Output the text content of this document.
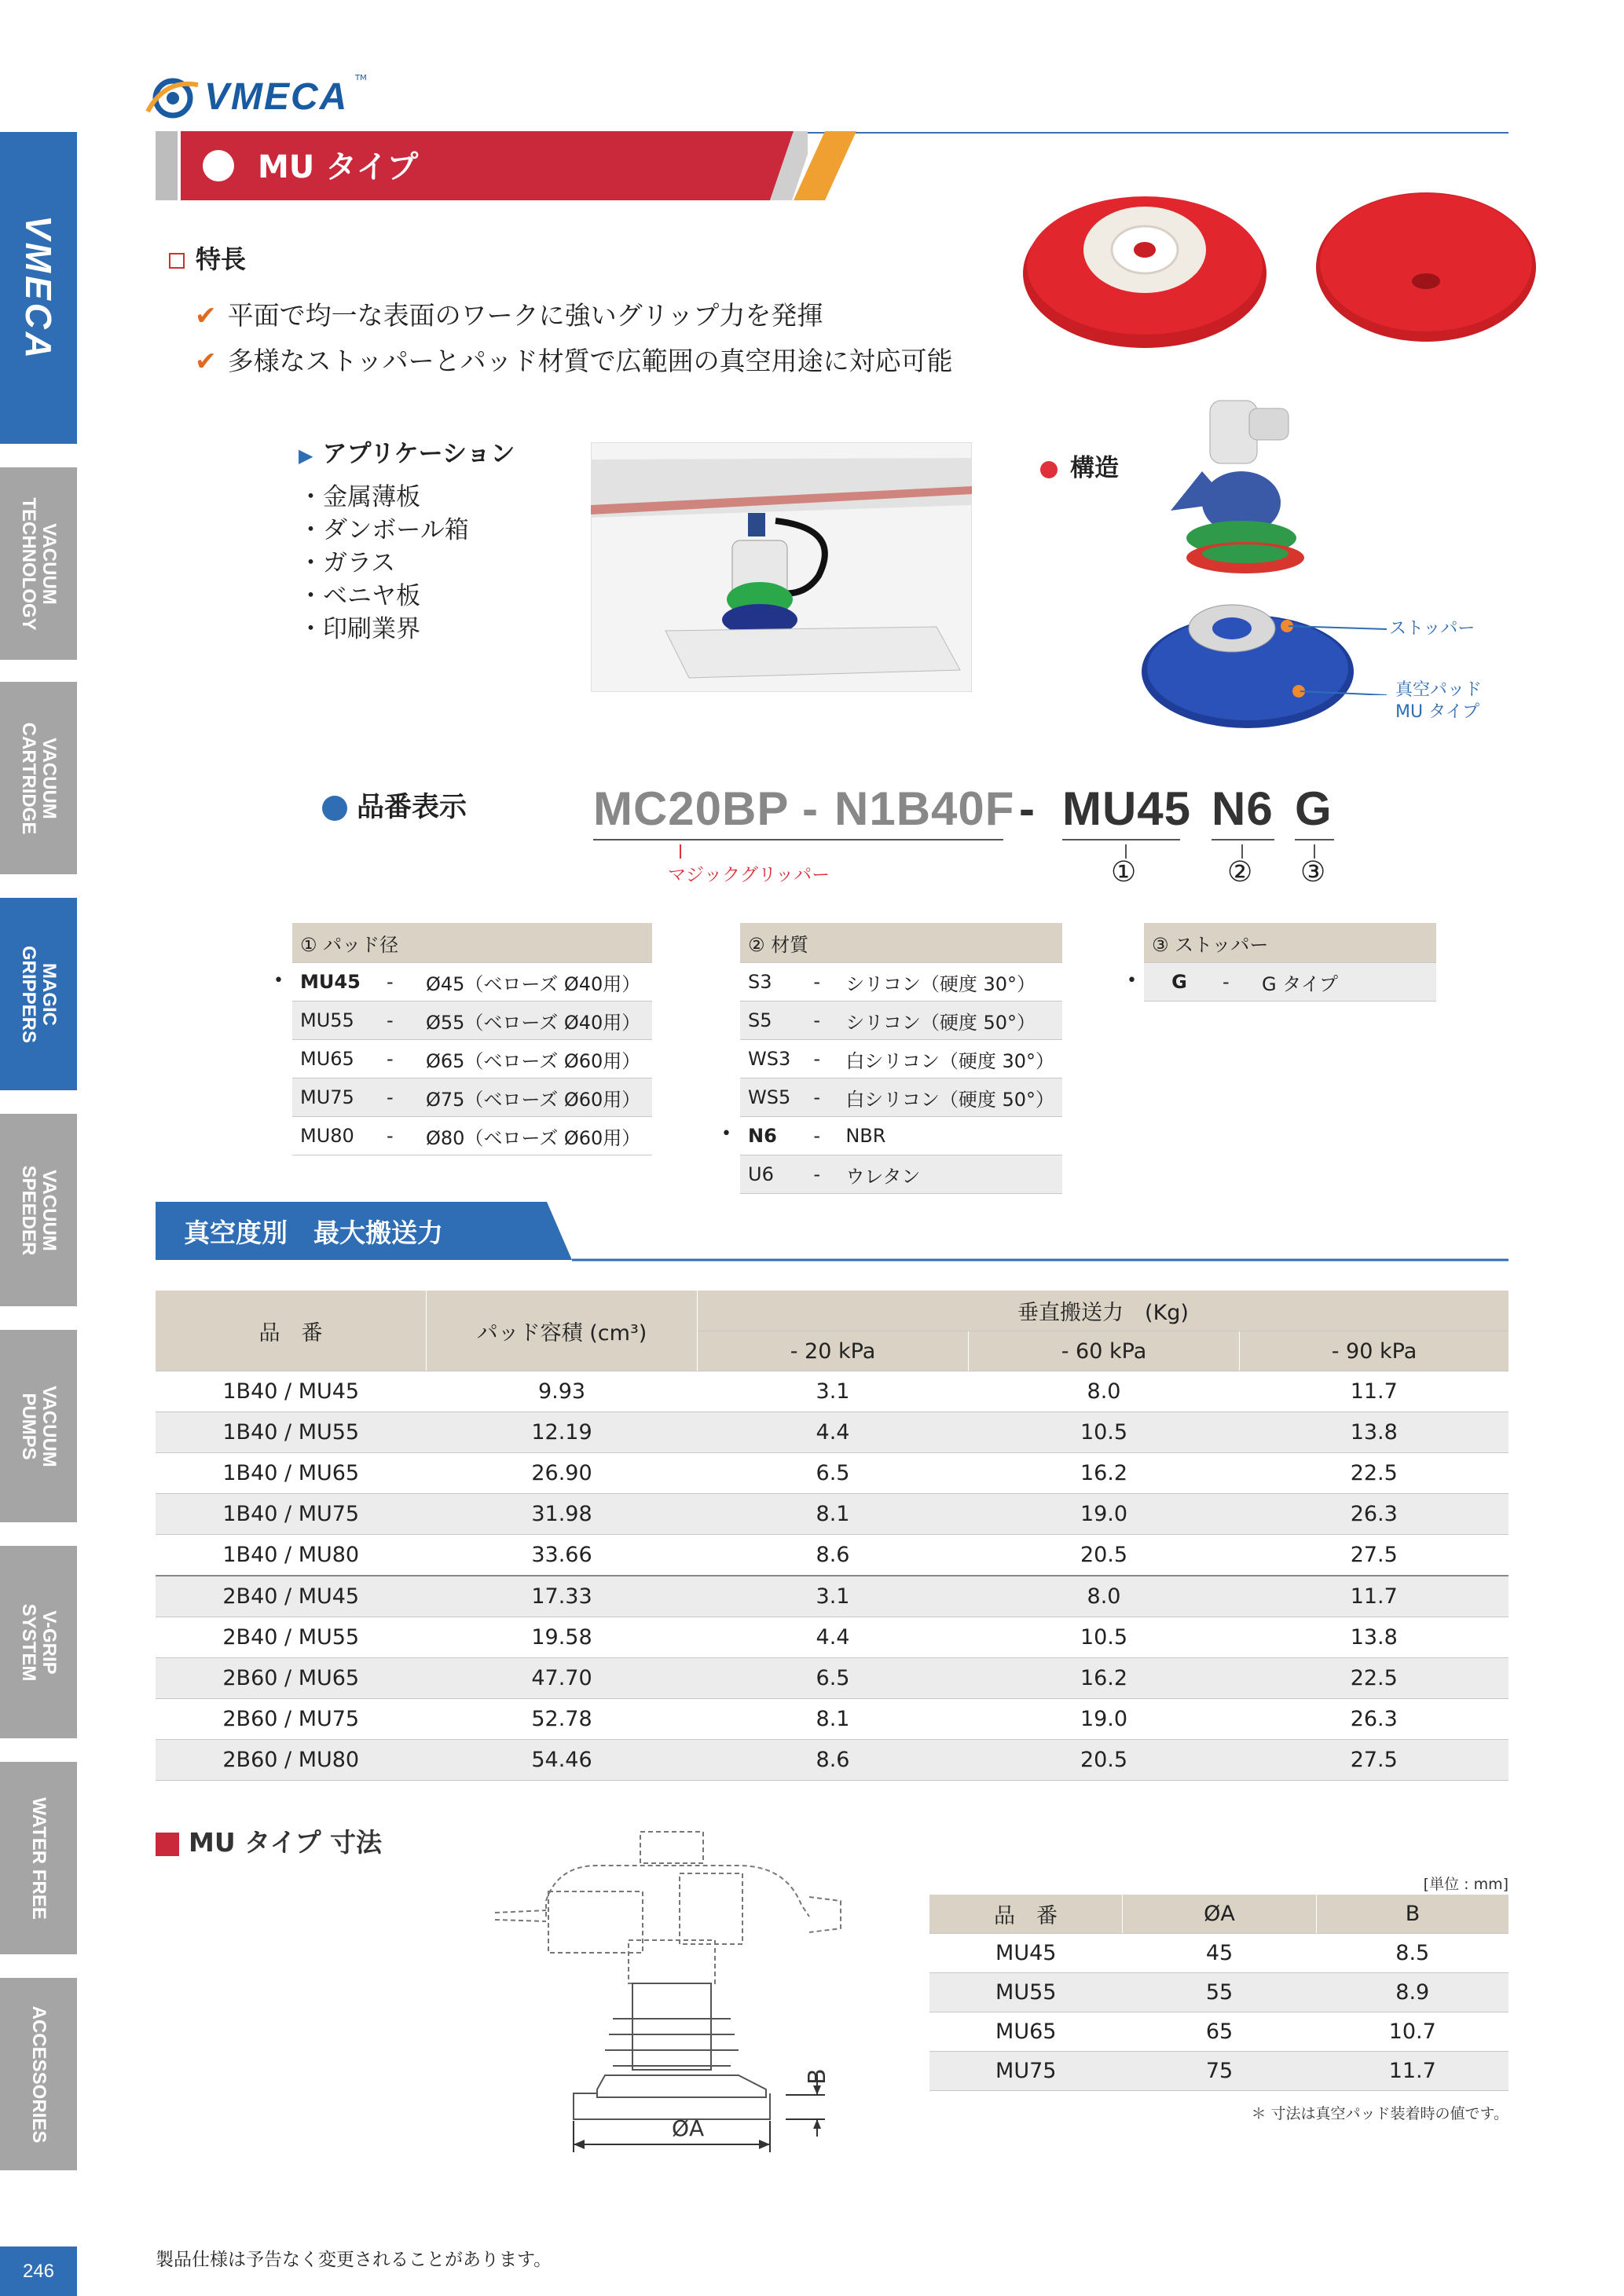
VMECA TM
VMECA
VACUUM
TECHNOLOGY
VACUUM
CARTRIDGE
MAGIC
GRIPPERS
VACUUM
SPEEDER
VACUUM
PUMPS
V-GRIP
SYSTEM
WATER FREE
ACCESSORIES
246
MU タイプ
特長
✔ 平面で均一な表面のワークに強いグリップ力を発揮
✔ 多様なストッパーとパッド材質で広範囲の真空用途に対応可能
▶ アプリケーション
・金属薄板
・ダンボール箱
・ガラス
・ベニヤ板
・印刷業界
構造
ストッパー
真空パッド
MU タイプ
品番表示	MC20BP - N1B40F - MU45 N6 G
マジックグリッパー	①	② ③
•
① パッド径		
MU45	-	Ø45（ベローズ Ø40用）
MU55	-	Ø55（ベローズ Ø40用）
MU65	-	Ø65（ベローズ Ø60用）
MU75	-	Ø75（ベローズ Ø60用）
MU80	-	Ø80（ベローズ Ø60用）	•
② 材質		
S3	-	シリコン（硬度 30°）
S5	-	シリコン（硬度 50°）
WS3	-	白シリコン（硬度 30°）
WS5	-	白シリコン（硬度 50°）
N6	-	NBR
U6	-	ウレタン
•
③ ストッパー
G	-	G タイプ
真空度別　最大搬送力
品　番	パッド容積 (cm³)	垂直搬送力　(Kg)		
		- 20 kPa	- 60 kPa	- 90 kPa
1B40 / MU45	9.93	3.1	8.0	11.7
1B40 / MU55	12.19	4.4	10.5	13.8
1B40 / MU65	26.90	6.5	16.2	22.5
1B40 / MU75	31.98	8.1	19.0	26.3
1B40 / MU80	33.66	8.6	20.5	27.5
2B40 / MU45	17.33	3.1	8.0	11.7
2B40 / MU55	19.58	4.4	10.5	13.8
2B60 / MU65	47.70	6.5	16.2	22.5
2B60 / MU75	52.78	8.1	19.0	26.3
2B60 / MU80	54.46	8.6	20.5	27.5
MU タイプ 寸法
B
ØA
[単位 : mm]
品　番	ØA	B
MU45	45	8.5
MU55	55	8.9
MU65	65	10.7
MU75	75	11.7
＊ 寸法は真空パッド装着時の値です。
製品仕様は予告なく変更されることがあります。
